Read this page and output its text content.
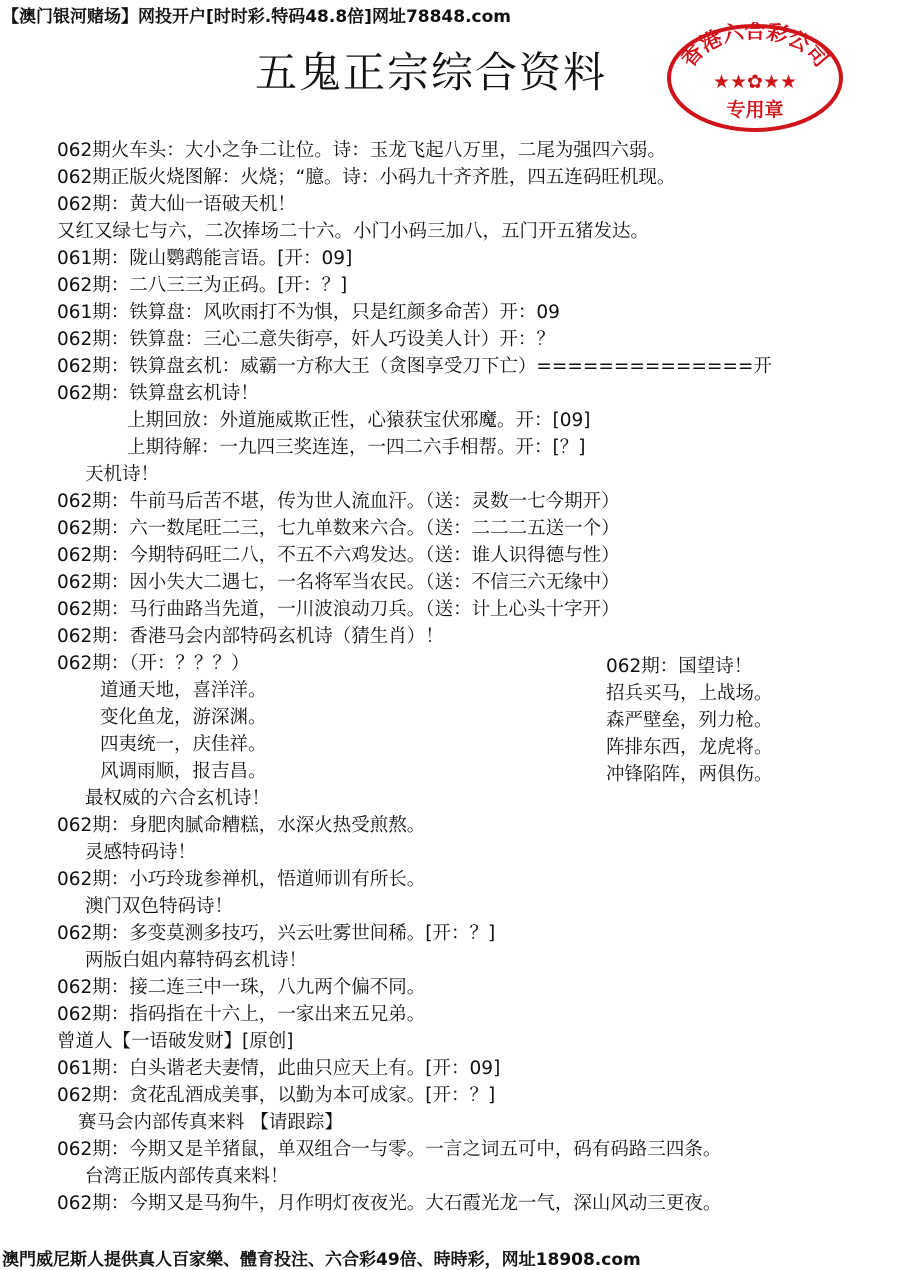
【澳门银河赌场】网投开户[时时彩.特码48.8倍]网址78848.com
五鬼正宗综合资料	香港六合彩公司
★★✿★★
专用章
062期火车头：大小之争二让位。诗：玉龙飞起八万里，二尾为强四六弱。
062期正版火烧图解：火烧；“臆。诗：小码九十齐齐胜，四五连码旺机现。
062期：黄大仙一语破天机！
又红又绿七与六，二次捧场二十六。小门小码三加八，五门开五猪发达。
061期：陇山鹦鹉能言语。[开：09]
062期：二八三三为正码。[开：？]
061期：铁算盘：风吹雨打不为惧，只是红颜多命苦）开：09
062期：铁算盘：三心二意失街亭，奸人巧设美人计）开：？
062期：铁算盘玄机：威霸一方称大王（贪图享受刀下亡）==============开
062期：铁算盘玄机诗！
上期回放：外道施威欺正性，心猿获宝伏邪魔。开：[09]
上期待解：一九四三奖连连，一四二六手相帮。开：[？]
天机诗！
062期：牛前马后苦不堪，传为世人流血汗。（送：灵数一七今期开）
062期：六一数尾旺二三，七九单数来六合。（送：二二二五送一个）
062期：今期特码旺二八，不五不六鸡发达。（送：谁人识得德与性）
062期：因小失大二遇七，一名将军当农民。（送：不信三六无缘中）
062期：马行曲路当先道，一川波浪动刀兵。（送：计上心头十字开）
062期：香港马会内部特码玄机诗（猜生肖）！
062期：（开：？？？）
道通天地，喜洋洋。
变化鱼龙，游深渊。
四夷统一，庆佳祥。
风调雨顺，报吉昌。
最权威的六合玄机诗！
062期：身肥肉腻命糟糕，水深火热受煎熬。
灵感特码诗！
062期：小巧玲珑参禅机，悟道师训有所长。
澳门双色特码诗！
062期：多变莫测多技巧，兴云吐雾世间稀。[开：？]
两版白姐内幕特码玄机诗！
062期：接二连三中一珠，八九两个偏不同。
062期：指码指在十六上，一家出来五兄弟。
曾道人【一语破发财】[原创]
061期：白头谐老夫妻情，此曲只应天上有。[开：09]
062期：贪花乱酒成美事，以勤为本可成家。[开：？]
赛马会内部传真来料 【请跟踪】
062期：今期又是羊猪鼠，单双组合一与零。一言之词五可中，码有码路三四条。
台湾正版内部传真来料！
062期：今期又是马狗牛，月作明灯夜夜光。大石霞光龙一气，深山风动三更夜。
062期：国望诗！
招兵买马，上战场。
森严壁垒，列力枪。
阵排东西，龙虎将。
冲锋陷阵，两俱伤。
澳門威尼斯人提供真人百家樂、體育投注、六合彩49倍、時時彩，网址18908.com
